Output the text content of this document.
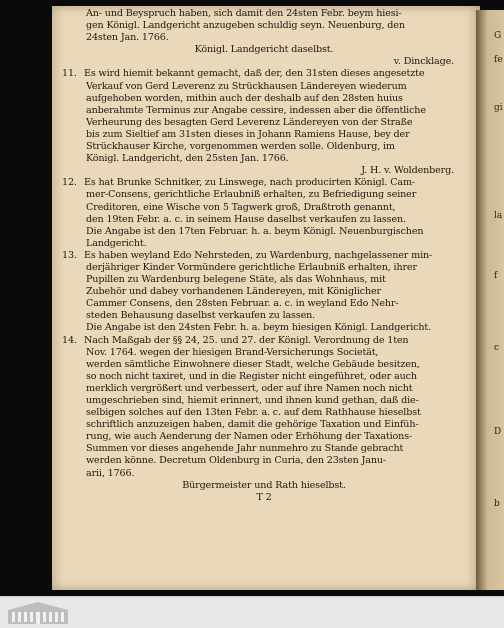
G
fe
gi
la
f
c
D
b
An- und Beyspruch haben, sich damit den 24sten Febr. beym hiesi-
gen Königl. Landgericht anzugeben schuldig seyn. Neuenburg, den
24sten Jan. 1766.
Königl. Landgericht daselbst.
v. Dincklage.
11. Es wird hiemit bekannt gemacht, daß der, den 31sten dieses angesetzte
Verkauf von Gerd Leverenz zu Strückhausen Ländereyen wiederum
aufgehoben worden, mithin auch der deshalb auf den 28sten huius
anberahmte Terminus zur Angabe cessire, indessen aber die öffentliche
Verheurung des besagten Gerd Leverenz Ländereyen von der Straße
bis zum Sieltief am 31sten dieses in Johann Ramiens Hause, bey der
Strückhauser Kirche, vorgenommen werden solle. Oldenburg, im
Königl. Landgericht, den 25sten Jan. 1766.
J. H. v. Woldenberg.
12. Es hat Brunke Schnitker, zu Linswege, nach producirten Königl. Cam-
mer-Consens, gerichtliche Erlaubniß erhalten, zu Befriedigung seiner
Creditoren, eine Wische von 5 Tagwerk groß, Draßtroth genannt,
den 19ten Febr. a. c. in seinem Hause daselbst verkaufen zu lassen.
Die Angabe ist den 17ten Februar. h. a. beym Königl. Neuenburgischen
Landgericht.
13. Es haben weyland Edo Nehrsteden, zu Wardenburg, nachgelassener min-
derjähriger Kinder Vormündere gerichtliche Erlaubniß erhalten, ihrer
Pupillen zu Wardenburg belegene Stäte, als das Wohnhaus, mit
Zubehör und dabey vorhandenen Ländereyen, mit Königlicher
Cammer Consens, den 28sten Februar. a. c. in weyland Edo Nehr-
steden Behausung daselbst verkaufen zu lassen.
Die Angabe ist den 24sten Febr. h. a. beym hiesigen Königl. Landgericht.
14. Nach Maßgab der §§ 24, 25. und 27. der Königl. Verordnung de 1ten
Nov. 1764. wegen der hiesigen Brand-Versicherungs Societät,
werden sämtliche Einwohnere dieser Stadt, welche Gebäude besitzen,
so noch nicht taxiret, und in die Register nicht eingeführet, oder auch
merklich vergrößert und verbessert, oder auf ihre Namen noch nicht
umgeschrieben sind, hiemit erinnert, und ihnen kund gethan, daß die-
selbigen solches auf den 13ten Febr. a. c. auf dem Rathhause hieselbst
schriftlich anzuzeigen haben, damit die gehörige Taxation und Einfüh-
rung, wie auch Aenderung der Namen oder Erhöhung der Taxations-
Summen vor dieses angehende Jahr nunmehro zu Stande gebracht
werden könne. Decretum Oldenburg in Curia, den 23sten Janu-
arii, 1766.
Bürgermeister und Rath hieselbst.
T 2
